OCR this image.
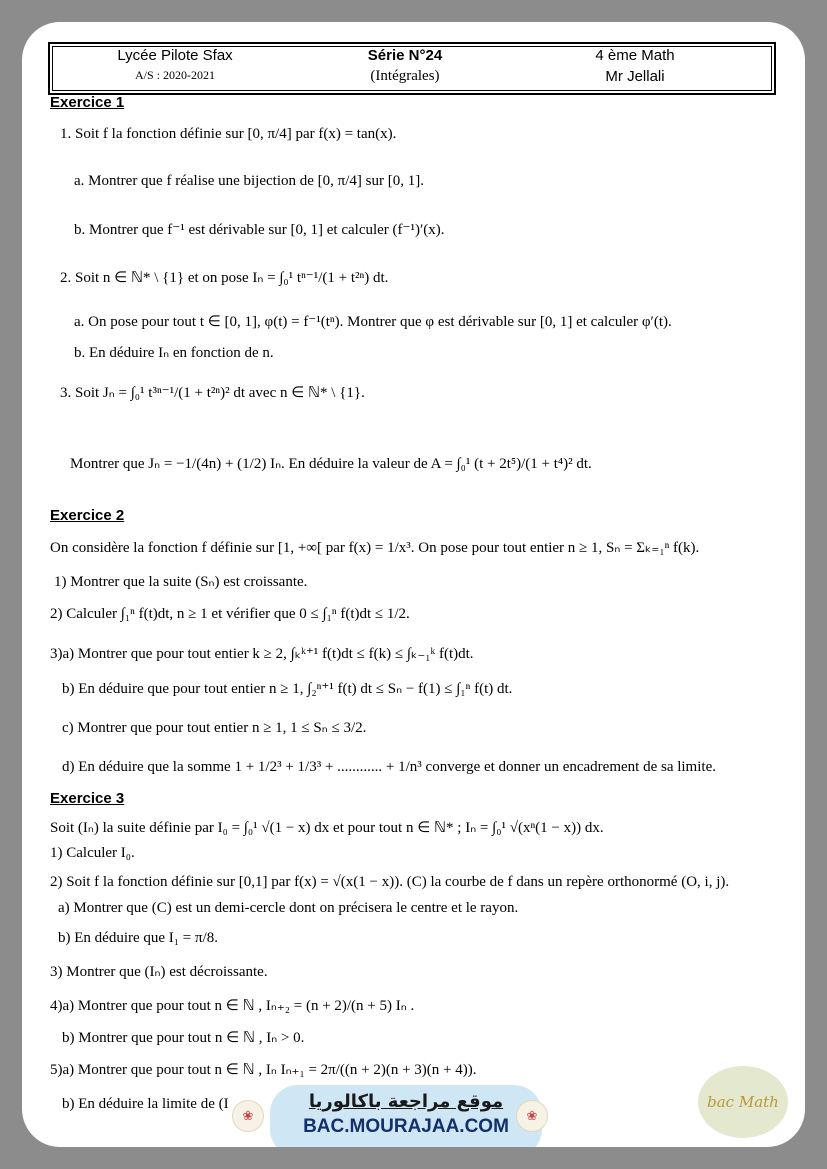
Lycée Pilote Sfax
A/S : 2020-2021
Série N°24
(Intégrales)
4 ème Math
Mr Jellali
Exercice 1
1. Soit f la fonction définie sur [0, π/4] par f(x) = tan(x).
a. Montrer que f réalise une bijection de [0, π/4] sur [0, 1].
b. Montrer que f⁻¹ est dérivable sur [0, 1] et calculer (f⁻¹)′(x).
2. Soit n ∈ ℕ* \ {1} et on pose Iₙ = ∫₀¹ tⁿ⁻¹/(1 + t²ⁿ) dt.
a. On pose pour tout t ∈ [0, 1], φ(t) = f⁻¹(tⁿ). Montrer que φ est dérivable sur [0, 1] et calculer φ′(t).
b. En déduire Iₙ en fonction de n.
3. Soit Jₙ = ∫₀¹ t³ⁿ⁻¹/(1 + t²ⁿ)² dt avec n ∈ ℕ* \ {1}.
Montrer que Jₙ = −1/(4n) + (1/2) Iₙ. En déduire la valeur de A = ∫₀¹ (t + 2t⁵)/(1 + t⁴)² dt.
Exercice 2
On considère la fonction f définie sur [1, +∞[ par f(x) = 1/x³. On pose pour tout entier n ≥ 1, Sₙ = Σₖ₌₁ⁿ f(k).
1) Montrer que la suite (Sₙ) est croissante.
2) Calculer ∫₁ⁿ f(t)dt, n ≥ 1 et vérifier que 0 ≤ ∫₁ⁿ f(t)dt ≤ 1/2.
3)a) Montrer que pour tout entier k ≥ 2, ∫ₖᵏ⁺¹ f(t)dt ≤ f(k) ≤ ∫ₖ₋₁ᵏ f(t)dt.
b) En déduire que pour tout entier n ≥ 1, ∫₂ⁿ⁺¹ f(t) dt ≤ Sₙ − f(1) ≤ ∫₁ⁿ f(t) dt.
c) Montrer que pour tout entier n ≥ 1, 1 ≤ Sₙ ≤ 3/2.
d) En déduire que la somme 1 + 1/2³ + 1/3³ + ............ + 1/n³ converge et donner un encadrement de sa limite.
Exercice 3
Soit (Iₙ) la suite définie par I₀ = ∫₀¹ √(1 − x) dx et pour tout n ∈ ℕ* ; Iₙ = ∫₀¹ √(xⁿ(1 − x)) dx.
1) Calculer I₀.
2) Soit f la fonction définie sur [0,1] par f(x) = √(x(1 − x)). (C) la courbe de f dans un repère orthonormé (O, i, j).
a) Montrer que (C) est un demi-cercle dont on précisera le centre et le rayon.
b) En déduire que I₁ = π/8.
3) Montrer que (Iₙ) est décroissante.
4)a) Montrer que pour tout n ∈ ℕ , Iₙ₊₂ = (n + 2)/(n + 5) Iₙ .
b) Montrer que pour tout n ∈ ℕ , Iₙ > 0.
5)a) Montrer que pour tout n ∈ ℕ , Iₙ Iₙ₊₁ = 2π/((n + 2)(n + 3)(n + 4)).
b) En déduire la limite de (I
❀
موقع مراجعة باكالوريا
BAC.MOURAJAA.COM
❀
bac Math
